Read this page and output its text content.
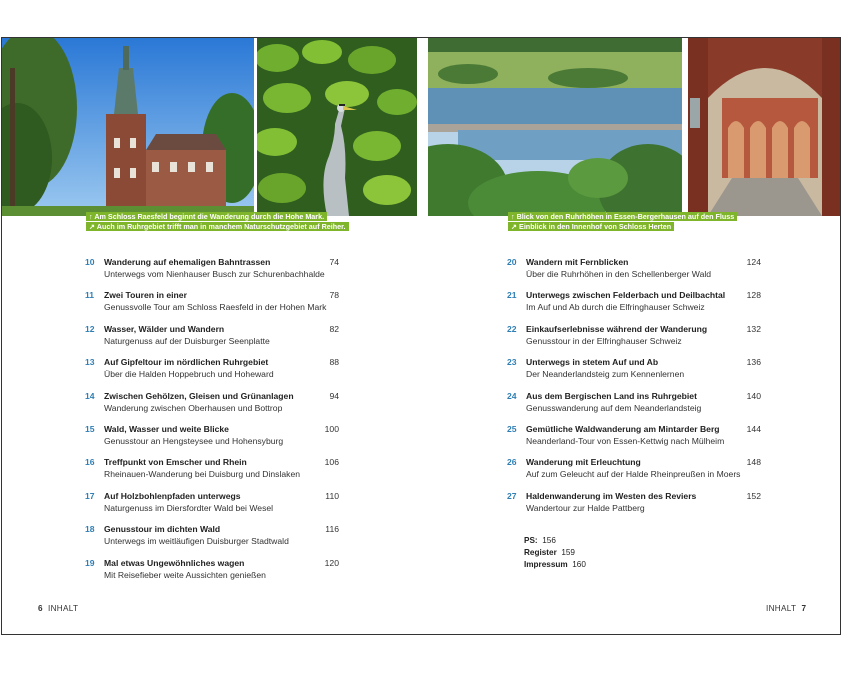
↑ Am Schloss Raesfeld beginnt die Wanderung durch die Hohe Mark.
↗ Auch im Ruhrgebiet trifft man in manchem Naturschutzgebiet auf Reiher.
↑ Blick von den Ruhrhöhen in Essen-Bergerhausen auf den Fluss
↗ Einblick in den Innenhof von Schloss Herten
10 Wanderung auf ehemaligen Bahntrassen
Unterwegs vom Nienhauser Busch zur Schurenbachhalde
74
11 Zwei Touren in einer
Genussvolle Tour am Schloss Raesfeld in der Hohen Mark
78
12 Wasser, Wälder und Wandern
Naturgenuss auf der Duisburger Seenplatte
82
13 Auf Gipfeltour im nördlichen Ruhrgebiet
Über die Halden Hoppebruch und Hoheward
88
14 Zwischen Gehölzen, Gleisen und Grünanlagen
Wanderung zwischen Oberhausen und Bottrop
94
15 Wald, Wasser und weite Blicke
Genusstour an Hengsteysee und Hohensyburg
100
16 Treffpunkt von Emscher und Rhein
Rheinauen-Wanderung bei Duisburg und Dinslaken
106
17 Auf Holzbohlenpfaden unterwegs
Naturgenuss im Diersfordter Wald bei Wesel
110
18 Genusstour im dichten Wald
Unterwegs im weitläufigen Duisburger Stadtwald
116
19 Mal etwas Ungewöhnliches wagen
Mit Reisefieber weite Aussichten genießen
120
20 Wandern mit Fernblicken
Über die Ruhrhöhen in den Schellenberger Wald
124
21 Unterwegs zwischen Felderbach und Deilbachtal
Im Auf und Ab durch die Elfringhauser Schweiz
128
22 Einkaufserlebnisse während der Wanderung
Genusstour in der Elfringhauser Schweiz
132
23 Unterwegs in stetem Auf und Ab
Der Neanderlandsteig zum Kennenlernen
136
24 Aus dem Bergischen Land ins Ruhrgebiet
Genusswanderung auf dem Neanderlandsteig
140
25 Gemütliche Waldwanderung am Mintarder Berg
Neanderland-Tour von Essen-Kettwig nach Mülheim
144
26 Wanderung mit Erleuchtung
Auf zum Geleucht auf der Halde Rheinpreußen in Moers
148
27 Haldenwanderung im Westen des Reviers
Wandertour zur Halde Pattberg
152
PS: 156
Register 159
Impressum 160
6 INHALT	INHALT 7
